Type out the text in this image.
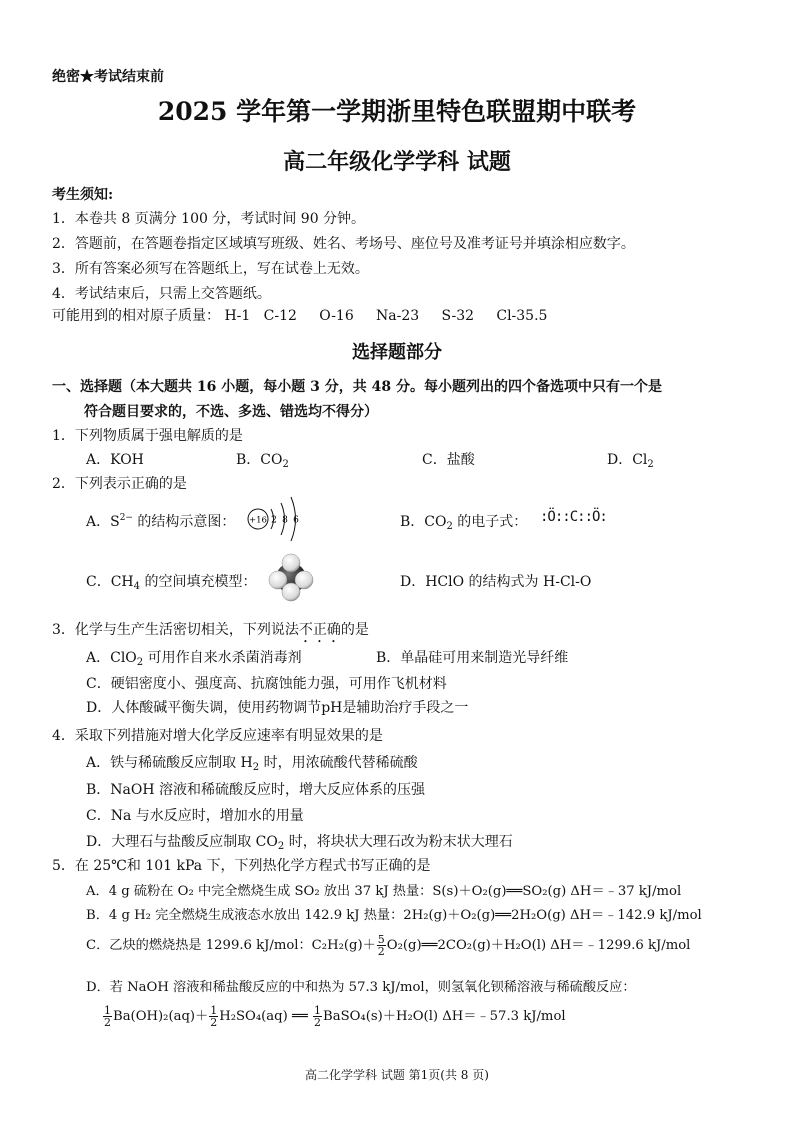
绝密★考试结束前
2025 学年第一学期浙里特色联盟期中联考
高二年级化学学科 试题
考生须知:
1．本卷共 8 页满分 100 分，考试时间 90 分钟。
2．答题前，在答题卷指定区域填写班级、姓名、考场号、座位号及准考证号并填涂相应数字。
3．所有答案必须写在答题纸上，写在试卷上无效。
4．考试结束后，只需上交答题纸。
可能用到的相对原子质量： H-1 C-12 O-16 Na-23 S-32 Cl-35.5
选择题部分
一、选择题（本大题共 16 小题，每小题 3 分，共 48 分。每小题列出的四个备选项中只有一个是
符合题目要求的，不选、多选、错选均不得分）
1．下列物质属于强电解质的是
A．KOH	B．$CO_2$	C．盐酸	D．$Cl_2$
2．下列表示正确的是
A．$S^{2-}$ 的结构示意图： +16 2 8 6	B．$CO_2$ 的电子式： :Ö::C::Ö:
C．$CH_4$ 的空间填充模型：	D．HClO 的结构式为 H-Cl-O
3．化学与生产生活密切相关，下列说法不正确的是
A．ClO$_2$ 可用作自来水杀菌消毒剂	B．单晶硅可用来制造光导纤维
C．硬铝密度小、强度高、抗腐蚀能力强，可用作飞机材料
D．人体酸碱平衡失调，使用药物调节pH是辅助治疗手段之一
4．采取下列措施对增大化学反应速率有明显效果的是
A．铁与稀硫酸反应制取 $H_2$ 时，用浓硫酸代替稀硫酸
B．NaOH 溶液和稀硫酸反应时，增大反应体系的压强
C．Na 与水反应时，增加水的用量
D．大理石与盐酸反应制取 $CO_2$ 时，将块状大理石改为粉末状大理石
5．在 25℃和 101 kPa 下，下列热化学方程式书写正确的是
A．4 g 硫粉在 O₂ 中完全燃烧生成 SO₂ 放出 37 kJ 热量：S(s)＋O₂(g)══SO₂(g) ΔH＝﹣37 kJ/mol
B．4 g H₂ 完全燃烧生成液态水放出 142.9 kJ 热量：2H₂(g)＋O₂(g)══2H₂O(g) ΔH＝﹣142.9 kJ/mol
C．乙炔的燃烧热是 1299.6 kJ/mol：$C_2H_2(g)+ \frac{5}{2}$ O₂(g)══2CO₂(g)＋H₂O(l) ΔH＝﹣1299.6 kJ/mol
D．若 NaOH 溶液和稀盐酸反应的中和热为 57.3 kJ/mol，则氢氧化钡稀溶液与稀硫酸反应：
$\frac{1}{2} Ba(OH)_2(aq)+ \frac{1}{2} H_2SO_4(aq)$ ══ $\frac{1}{2}$ BaSO₄(s)＋H₂O(l) ΔH＝﹣57.3 kJ/mol
高二化学学科 试题 第1页(共 8 页)
